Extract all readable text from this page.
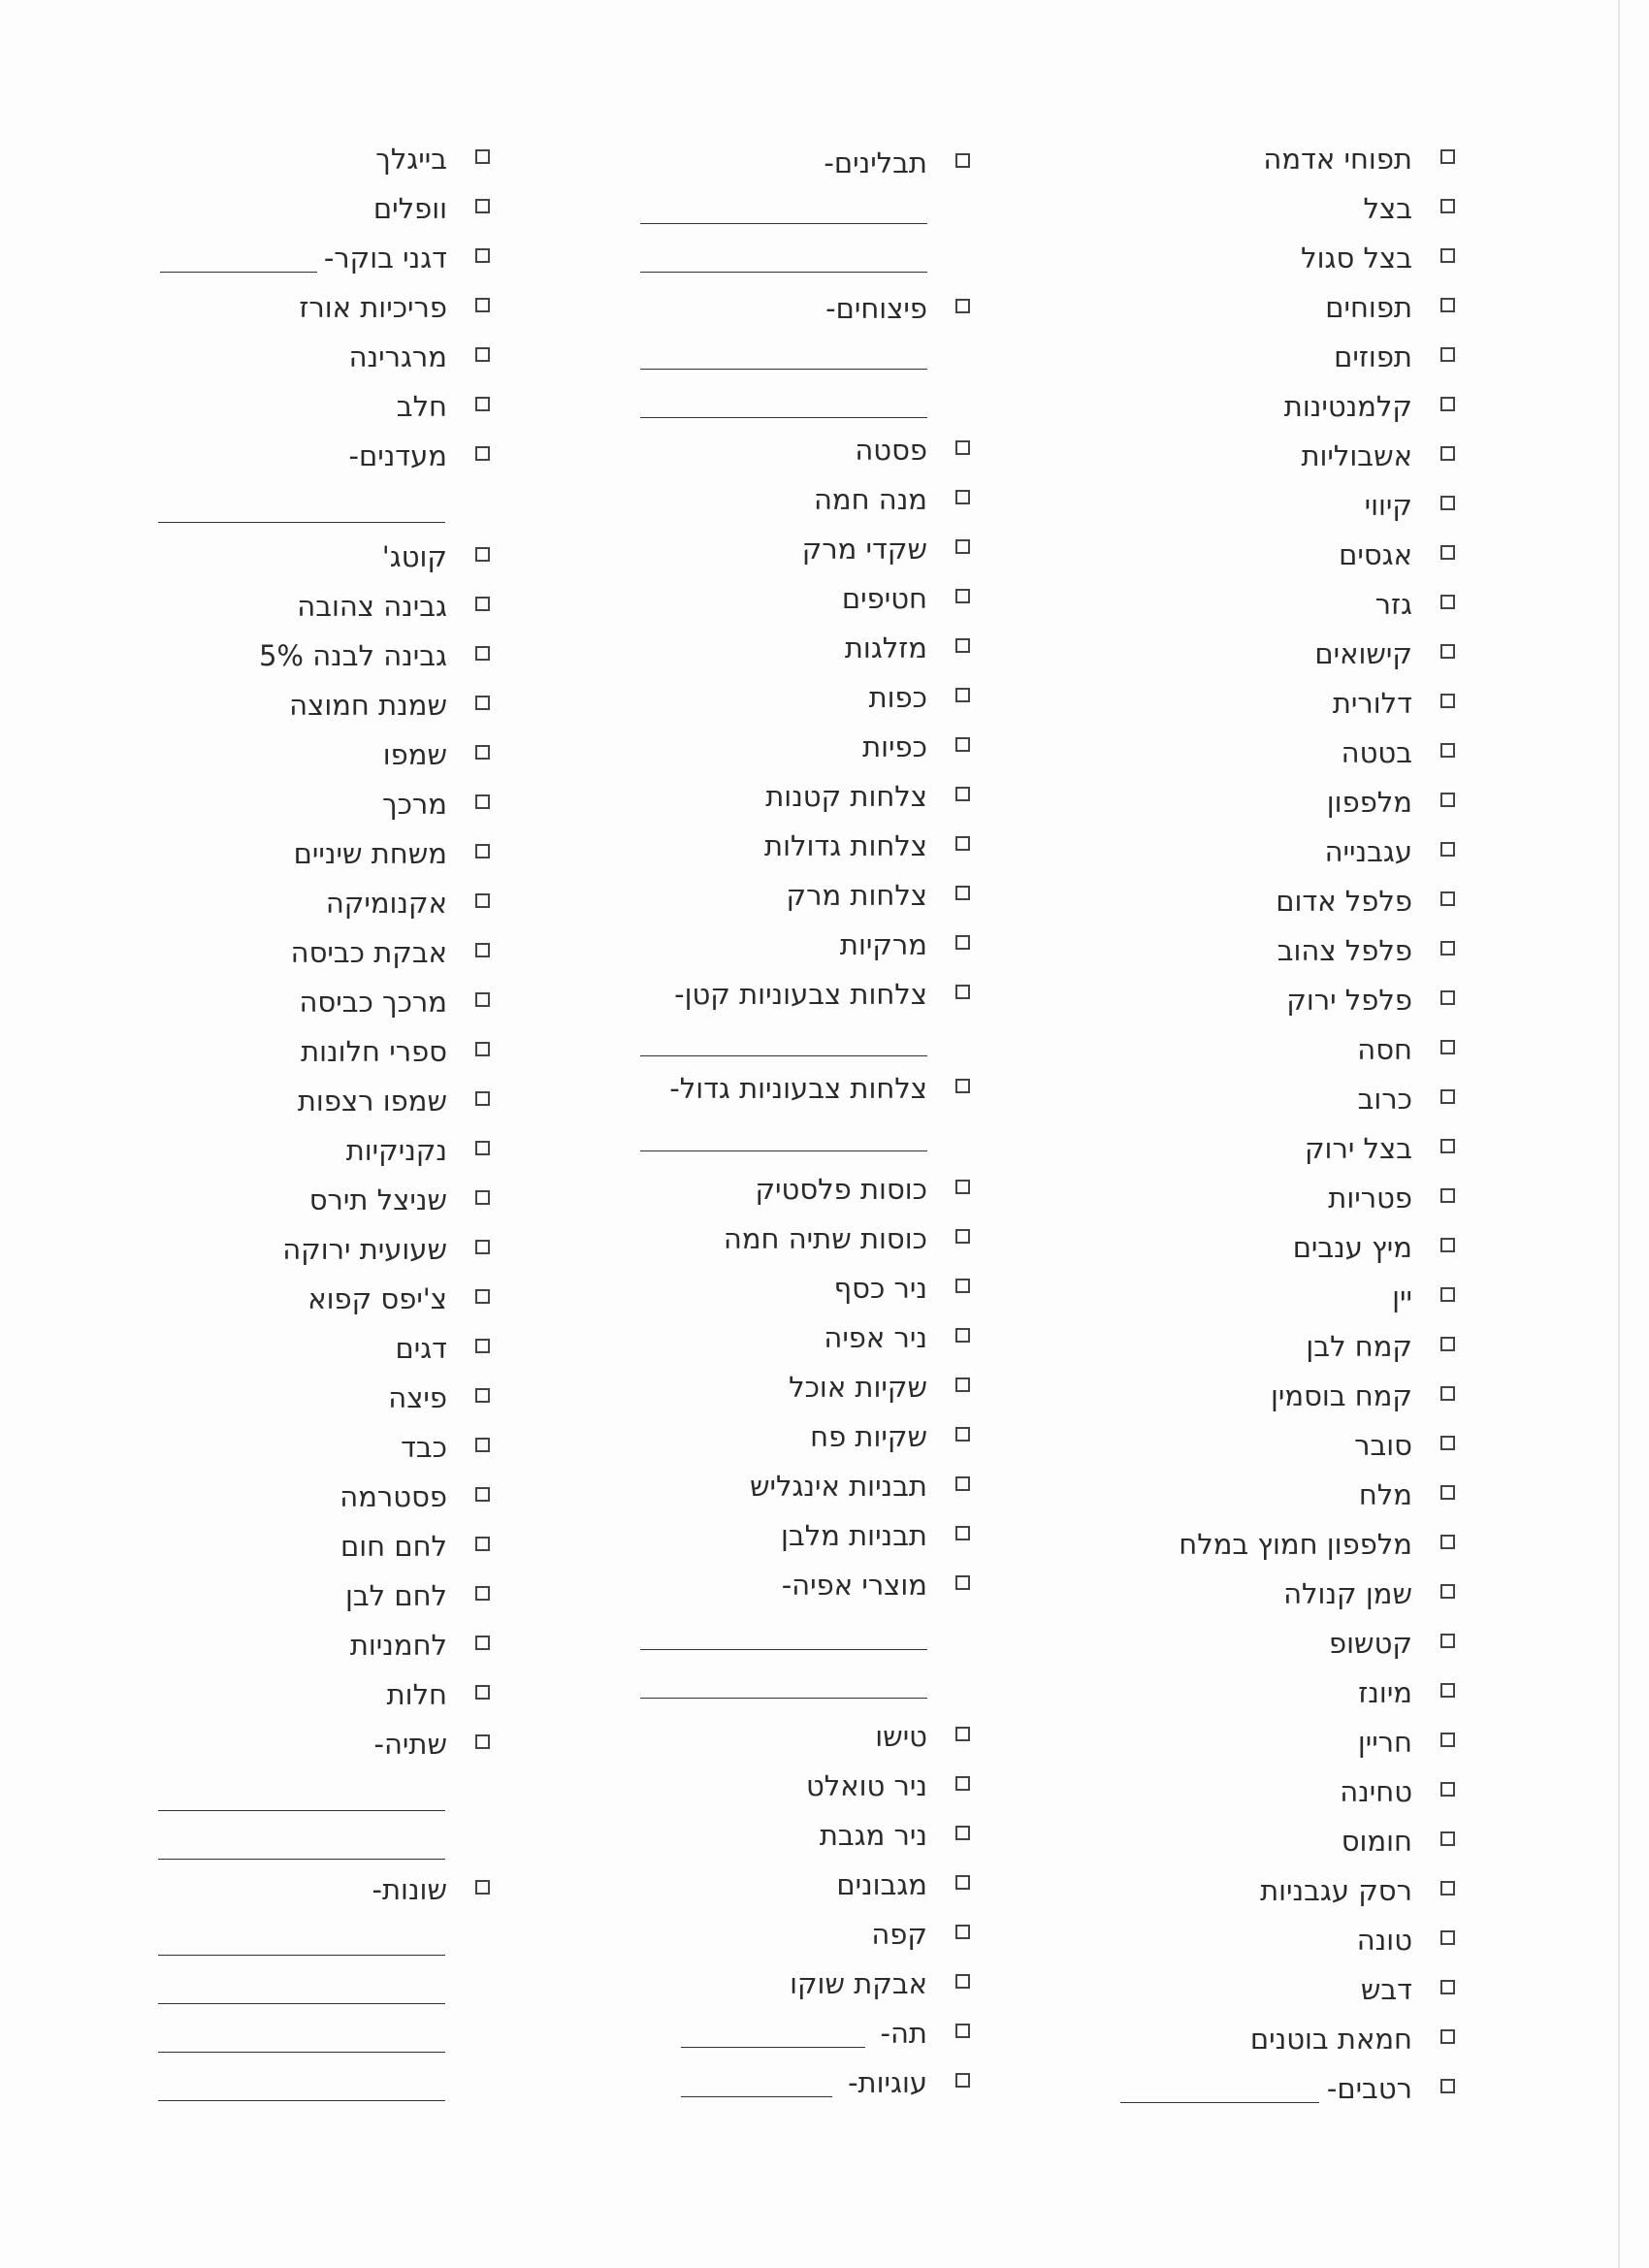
תפוחי אדמה
בצל
בצל סגול
תפוחים
תפוזים
קלמנטינות
אשבוליות
קיווי
אגסים
גזר
קישואים
דלורית
בטטה
מלפפון
עגבנייה
פלפל אדום
פלפל צהוב
פלפל ירוק
חסה
כרוב
בצל ירוק
פטריות
מיץ ענבים
יין
קמח לבן
קמח בוסמין
סובר
מלח
מלפפון חמוץ במלח
שמן קנולה
קטשופ
מיונז
חריין
טחינה
חומוס
רסק עגבניות
טונה
דבש
חמאת בוטנים
רטבים-
תבלינים-
פיצוחים-
פסטה
מנה חמה
שקדי מרק
חטיפים
מזלגות
כפות
כפיות
צלחות קטנות
צלחות גדולות
צלחות מרק
מרקיות
צלחות צבעוניות קטן-
צלחות צבעוניות גדול-
כוסות פלסטיק
כוסות שתיה חמה
ניר כסף
ניר אפיה
שקיות אוכל
שקיות פח
תבניות אינגליש
תבניות מלבן
מוצרי אפיה-
טישו
ניר טואלט
ניר מגבת
מגבונים
קפה
אבקת שוקו
תה-
עוגיות-
בייגלך
וופלים
דגני בוקר-
פריכיות אורז
מרגרינה
חלב
מעדנים-
קוטג'
גבינה צהובה
גבינה לבנה 5%
שמנת חמוצה
שמפו
מרכך
משחת שיניים
אקנומיקה
אבקת כביסה
מרכך כביסה
ספרי חלונות
שמפו רצפות
נקניקיות
שניצל תירס
שעועית ירוקה
צ'יפס קפוא
דגים
פיצה
כבד
פסטרמה
לחם חום
לחם לבן
לחמניות
חלות
שתיה-
שונות-
